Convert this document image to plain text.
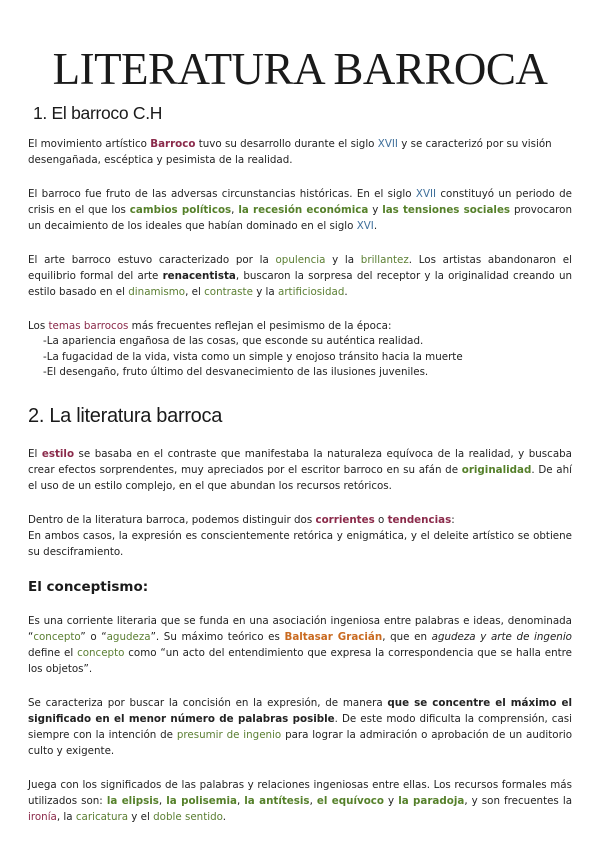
LITERATURA BARROCA
1. El barroco C.H

El movimiento artístico Barroco tuvo su desarrollo durante el siglo XVII y se caracterizó por su visión desengañada, escéptica y pesimista de la realidad.

El barroco fue fruto de las adversas circunstancias históricas. En el siglo XVII constituyó un periodo de crisis en el que los cambios políticos, la recesión económica y las tensiones sociales provocaron un decaimiento de los ideales que habían dominado en el siglo XVI.

El arte barroco estuvo caracterizado por la opulencia y la brillantez. Los artistas abandonaron el equilibrio formal del arte renacentista, buscaron la sorpresa del receptor y la originalidad creando un estilo basado en el dinamismo, el contraste y la artificiosidad.

Los temas barrocos más frecuentes reflejan el pesimismo de la época:

-La apariencia engañosa de las cosas, que esconde su auténtica realidad.
-La fugacidad de la vida, vista como un simple y enojoso tránsito hacia la muerte
-El desengaño, fruto último del desvanecimiento de las ilusiones juveniles.
2. La literatura barroca

El estilo se basaba en el contraste que manifestaba la naturaleza equívoca de la realidad, y buscaba crear efectos sorprendentes, muy apreciados por el escritor barroco en su afán de originalidad. De ahí el uso de un estilo complejo, en el que abundan los recursos retóricos.

Dentro de la literatura barroca, podemos distinguir dos corrientes o tendencias:
En ambos casos, la expresión es conscientemente retórica y enigmática, y el deleite artístico se obtiene su desciframiento.

El conceptismo:

Es una corriente literaria que se funda en una asociación ingeniosa entre palabras e ideas, denominada “concepto” o “agudeza”. Su máximo teórico es Baltasar Gracián, que en agudeza y arte de ingenio define el concepto como “un acto del entendimiento que expresa la correspondencia que se halla entre los objetos”.

Se caracteriza por buscar la concisión en la expresión, de manera que se concentre el máximo el significado en el menor número de palabras posible. De este modo dificulta la comprensión, casi siempre con la intención de presumir de ingenio para lograr la admiración o aprobación de un auditorio culto y exigente.

Juega con los significados de las palabras y relaciones ingeniosas entre ellas. Los recursos formales más utilizados son: la elipsis, la polisemia, la antítesis, el equívoco y la paradoja, y son frecuentes la ironía, la caricatura y el doble sentido.
